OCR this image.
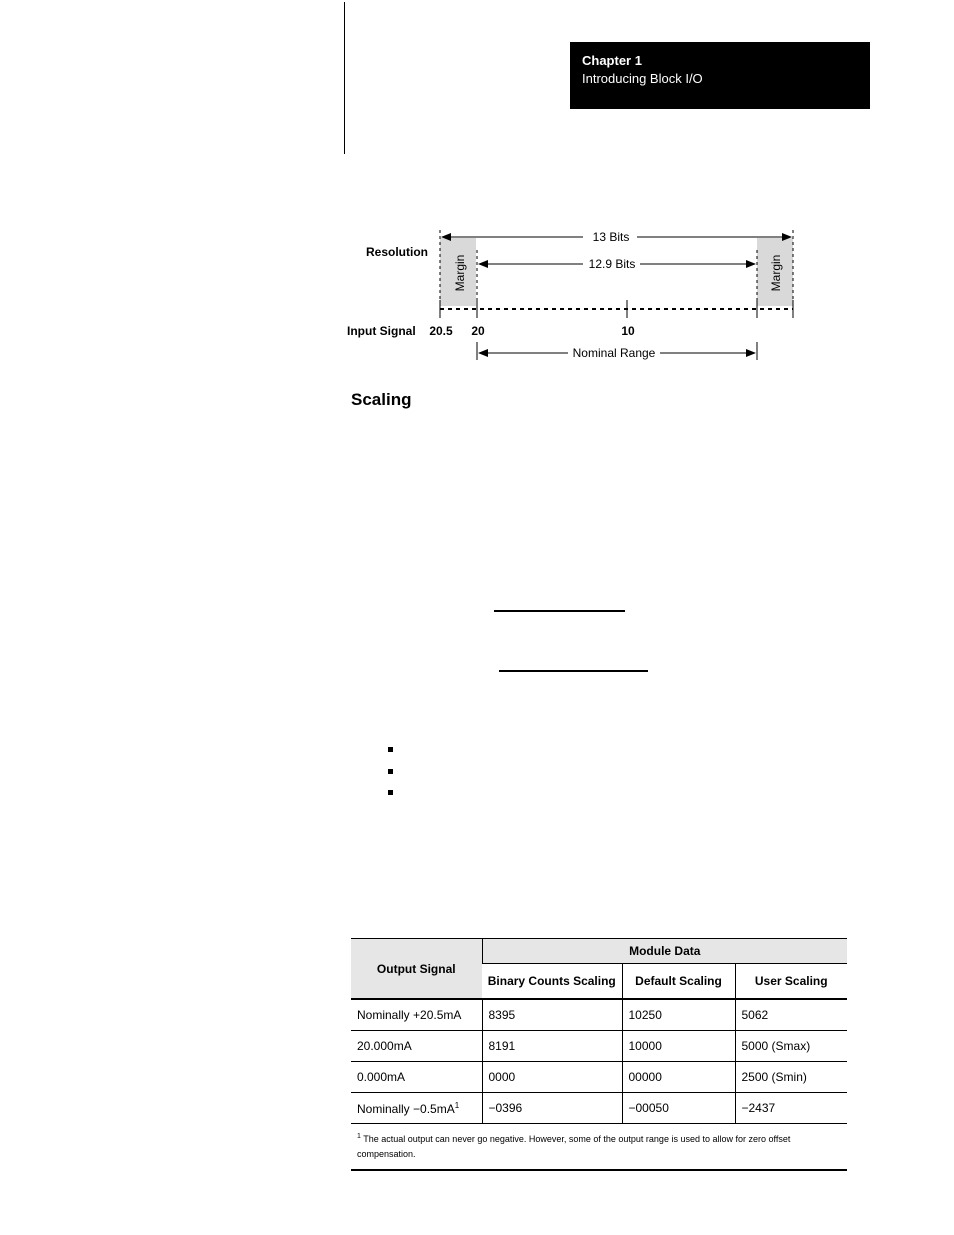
Chapter 1
Introducing Block I/O
13 Bits
12.9 Bits
Margin	Margin
Resolution
Input Signal 20.5 20	10
Nominal Range
Scaling
Output Signal	Module Data		
	Binary Counts Scaling	Default Scaling	User Scaling
Nominally +20.5mA	8395	10250	5062
20.000mA	8191	10000	5000 (Smax)
0.000mA	0000	00000	2500 (Smin)
Nominally $-0.5mA^1$	−0396	−00050	−2437
$^1$ The actual output can never go negative. However, some of the output range is used to allow for zero offset compensation.			
